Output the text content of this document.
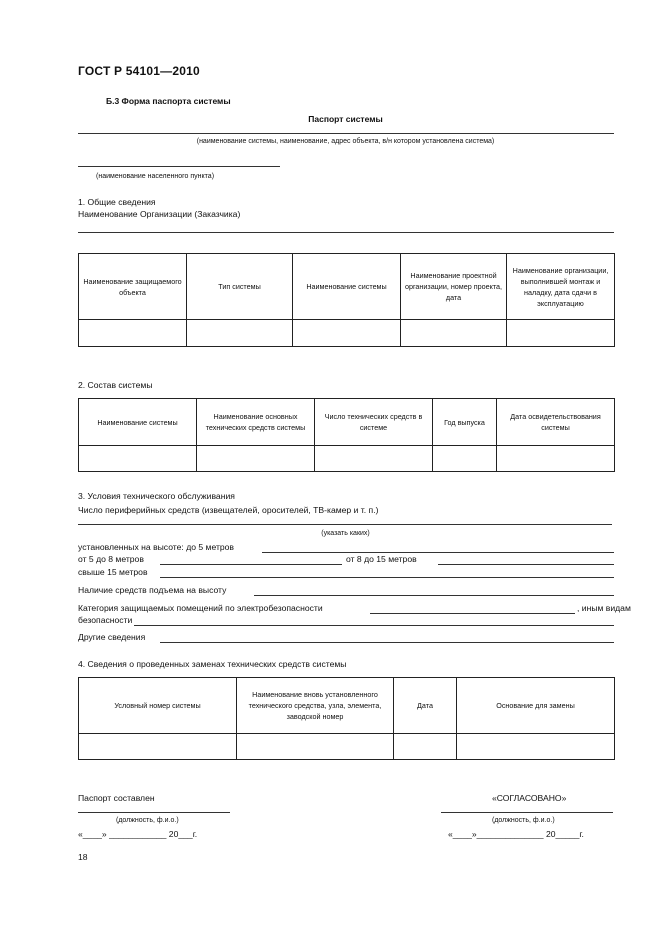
ГОСТ Р 54101—2010
Б.3 Форма паспорта системы
Паспорт системы
(наименование системы, наименование, адрес объекта, в/н котором установлена система)
(наименование населенного пункта)
1. Общие сведения
Наименование Организации (Заказчика)
Наименование защищаемого объекта	Тип системы	Наименование системы	Наименование проектной организации, номер проекта, дата	Наименование организации, выполнившей монтаж и наладку, дата сдачи в эксплуатацию

2. Состав системы
Наименование системы	Наименование основных технических средств системы	Число технических средств в системе	Год выпуска	Дата освидетельствования системы

3. Условия технического обслуживания
Число периферийных средств (извещателей, оросителей, ТВ-камер и т. п.)
(указать каких)
установленных на высоте: до 5 метров
от 5 до 8 метров	от 8 до 15 метров
свыше 15 метров
Наличие средств подъема на высоту
Категория защищаемых помещений по электробезопасности	, иным видам
безопасности
Другие сведения
4. Сведения о проведенных заменах технических средств системы
Условный номер системы	Наименование вновь установленного технического средства, узла, элемента, заводской номер	Дата	Основание для замены

Паспорт составлен	«СОГЛАСОВАНО»
(должность, ф.и.о.)	(должность, ф.и.о.)
«____» ____________ 20___г.	«____»______________ 20_____г.
18
